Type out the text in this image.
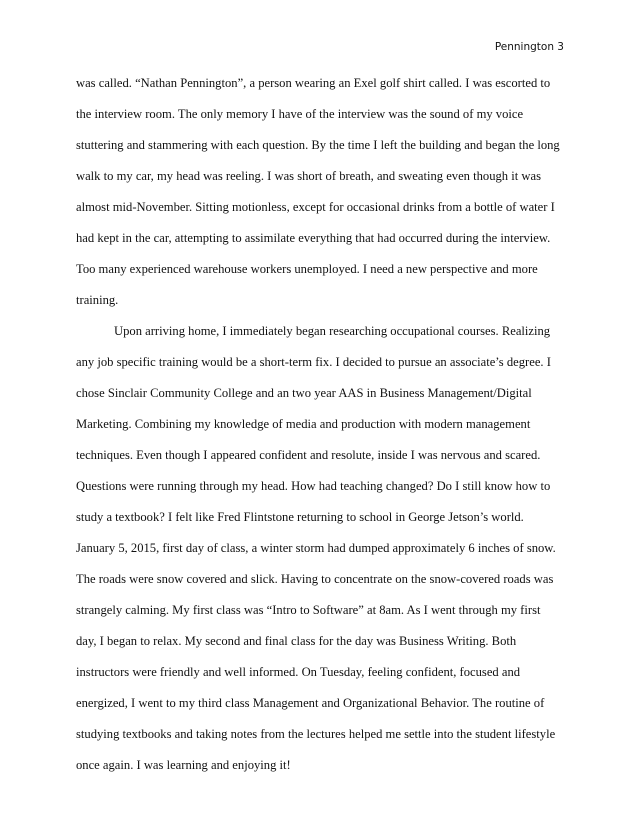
Pennington 3
was called. “Nathan Pennington”, a person wearing an Exel golf shirt called. I was escorted to
the interview room. The only memory I have of the interview was the sound of my voice
stuttering and stammering with each question. By the time I left the building and began the long
walk to my car, my head was reeling. I was short of breath, and sweating even though it was
almost mid-November. Sitting motionless, except for occasional drinks from a bottle of water I
had kept in the car, attempting to assimilate everything that had occurred during the interview.
Too many experienced warehouse workers unemployed. I need a new perspective and more
training.
Upon arriving home, I immediately began researching occupational courses. Realizing
any job specific training would be a short-term fix. I decided to pursue an associate’s degree. I
chose Sinclair Community College and an two year AAS in Business Management/Digital
Marketing. Combining my knowledge of media and production with modern management
techniques. Even though I appeared confident and resolute, inside I was nervous and scared.
Questions were running through my head. How had teaching changed? Do I still know how to
study a textbook? I felt like Fred Flintstone returning to school in George Jetson’s world.
January 5, 2015, first day of class, a winter storm had dumped approximately 6 inches of snow.
The roads were snow covered and slick. Having to concentrate on the snow-covered roads was
strangely calming. My first class was “Intro to Software” at 8am. As I went through my first
day, I began to relax. My second and final class for the day was Business Writing. Both
instructors were friendly and well informed. On Tuesday, feeling confident, focused and
energized, I went to my third class Management and Organizational Behavior. The routine of
studying textbooks and taking notes from the lectures helped me settle into the student lifestyle
once again. I was learning and enjoying it!
